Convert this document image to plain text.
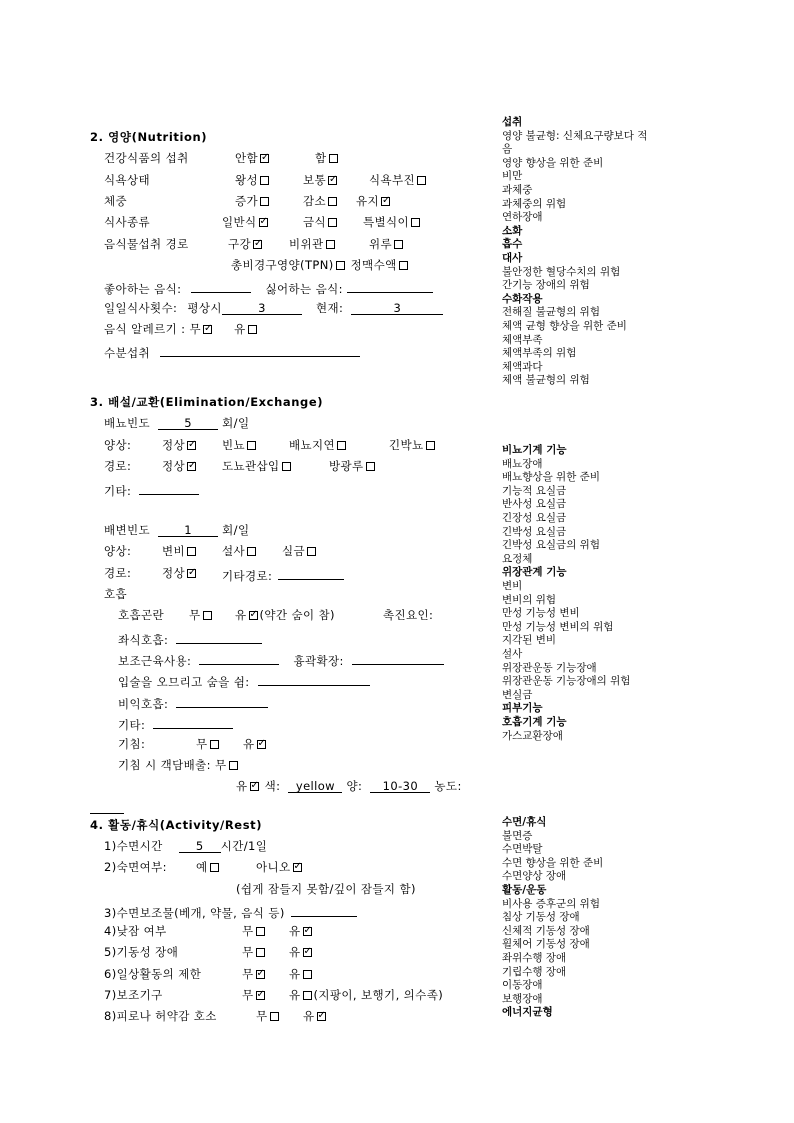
2. 영양(Nutrition)
건강식품의 섭취	안함 ✓	함
식욕상태	왕성	보통 ✓	식욕부진
체중	증가	감소	유지✓
식사종류	일반식 ✓	금식	특별식이
음식물섭취 경로	구강 ✓	비위관	위루
총비경구영양(TPN) 정맥수액
좋아하는 음식:	싫어하는 음식:
일일식사횟수: 평상시	3	현재:	3
음식 알레르기 : 무 ✓	유
수분섭취
3. 배설/교환(Elimination/Exchange)
배뇨빈도	5	회/일
양상:	정상 ✓	빈뇨	배뇨지연	긴박뇨
경로:	정상 ✓	도뇨관삽입	방광루
기타:
배변빈도	1	회/일
양상:	변비	설사	실금
경로:	정상 ✓	기타경로:
호흡
호흡곤란 무	유 ✓ (약간 숨이 참)	촉진요인:
좌식호흡:
보조근육사용:	흉곽확장:
입술을 오므리고 숨을 쉼:
비익호흡:
기타:
기침:	무	유✓
기침 시 객담배출: 무
유 ✓ 색: yellow 양: 10-30 농도:
4. 활동/휴식(Activity/Rest)
1)수면시간	5 시간/1일
2)숙면여부:	예	아니오✓
(쉽게 잠들지 못함/깊이 잠들지 함)
3)수면보조물(베개, 약물, 음식 등)
4)낮잠 여부	무	유✓
5)기동성 장애	무	유✓
6)일상활동의 제한	무 ✓	유
7)보조기구	무 ✓	유 (지팡이, 보행기, 의수족)
8)피로나 허약감 호소	무	유✓
섭취
영양 불균형: 신체요구량보다 적
음
영양 향상을 위한 준비
비만
과체중
과체중의 위험
연하장애
소화
흡수
대사
불안정한 혈당수치의 위험
간기능 장애의 위험
수화작용
전해질 불균형의 위험
체액 균형 향상을 위한 준비
체액부족
체액부족의 위험
체액과다
체액 불균형의 위험
비뇨기계 기능
배뇨장애
배뇨향상을 위한 준비
기능적 요실금
반사성 요실금
긴장성 요실금
긴박성 요실금
긴박성 요실금의 위험
요정체
위장관계 기능
변비
변비의 위험
만성 기능성 변비
만성 기능성 변비의 위험
지각된 변비
설사
위장관운동 기능장애
위장관운동 기능장애의 위험
변실금
피부기능
호흡기계 기능
가스교환장애
수면/휴식
불면증
수면박탈
수면 향상을 위한 준비
수면양상 장애
활동/운동
비사용 증후군의 위험
침상 기동성 장애
신체적 기동성 장애
휠체어 기동성 장애
좌위수행 장애
기립수행 장애
이동장애
보행장애
에너지균형
